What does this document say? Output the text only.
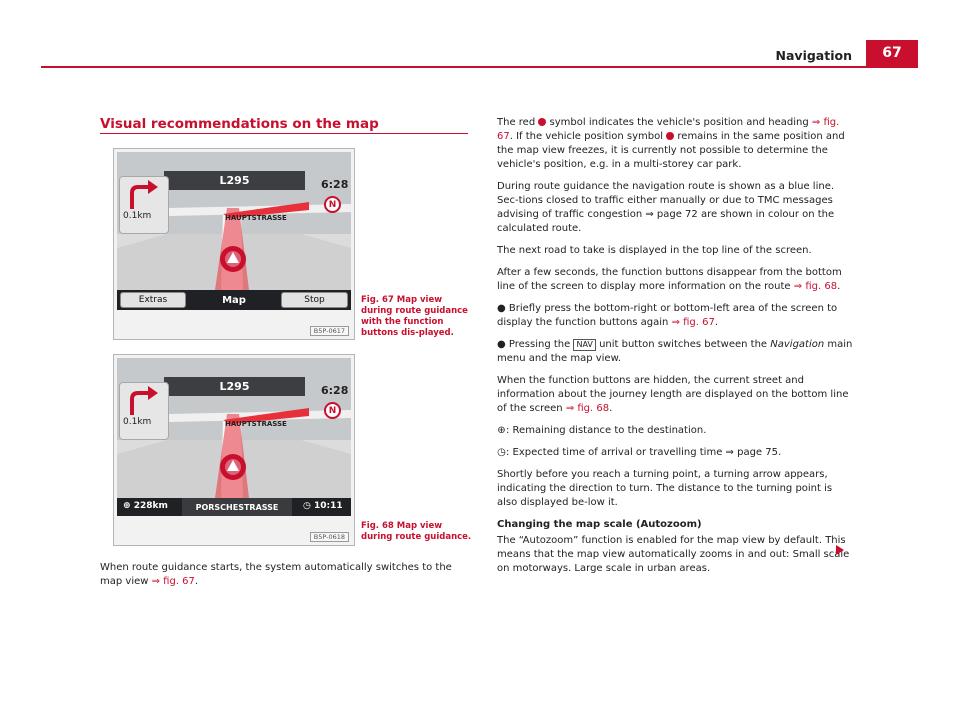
Navigation	67
Visual recommendations on the map
L295	6:28
0.1km	HAUPTSTRASSE
N
Extras	Map	Stop
B5P-0617
Fig. 67 Map view during route guidance with the function buttons dis-played.
L295	6:28
0.1km	HAUPTSTRASSE
N
⊕ 228km	PORSCHESTRASSE	◷ 10:11
B5P-0618
Fig. 68 Map view during route guidance.
When route guidance starts, the system automatically switches to the map view ⇒ fig. 67.

The red  symbol indicates the vehicle's position and heading ⇒ fig. 67. If the vehicle position symbol  remains in the same position and the map view freezes, it is currently not possible to determine the vehicle's position, e.g. in a multi-storey car park.

During route guidance the navigation route is shown as a blue line. Sec-tions closed to traffic either manually or due to TMC messages advising of traffic congestion ⇒ page 72 are shown in colour on the calculated route.

The next road to take is displayed in the top line of the screen.

After a few seconds, the function buttons disappear from the bottom line of the screen to display more information on the route ⇒ fig. 68.

● Briefly press the bottom-right or bottom-left area of the screen to display the function buttons again ⇒ fig. 67.

● Pressing the NAV unit button switches between the Navigation main menu and the map view.

When the function buttons are hidden, the current street and information about the journey length are displayed on the bottom line of the screen ⇒ fig. 68.

⊕: Remaining distance to the destination.

◷: Expected time of arrival or travelling time ⇒ page 75.

Shortly before you reach a turning point, a turning arrow appears, indicating the direction to turn. The distance to the turning point is also displayed be-low it.

Changing the map scale (Autozoom)

The “Autozoom” function is enabled for the map view by default. This means that the map view automatically zooms in and out: Small scale on motorways. Large scale in urban areas.
